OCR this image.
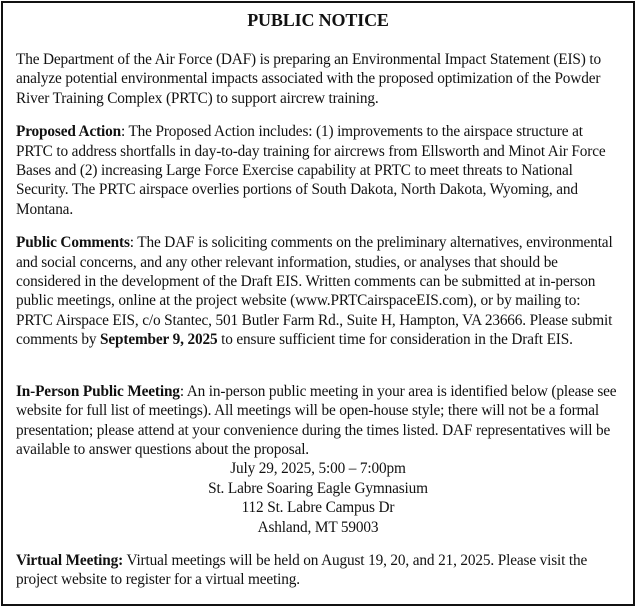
PUBLIC NOTICE

The Department of the Air Force (DAF) is preparing an Environmental Impact Statement (EIS) to analyze potential environmental impacts associated with the proposed optimization of the Powder River Training Complex (PRTC) to support aircrew training.

Proposed Action: The Proposed Action includes: (1) improvements to the airspace structure at PRTC to address shortfalls in day-to-day training for aircrews from Ellsworth and Minot Air Force Bases and (2) increasing Large Force Exercise capability at PRTC to meet threats to National Security. The PRTC airspace overlies portions of South Dakota, North Dakota, Wyoming, and Montana.

Public Comments: The DAF is soliciting comments on the preliminary alternatives, environmental and social concerns, and any other relevant information, studies, or analyses that should be considered in the development of the Draft EIS. Written comments can be submitted at in-person public meetings, online at the project website (www.PRTCairspaceEIS.com), or by mailing to: PRTC Airspace EIS, c/o Stantec, 501 Butler Farm Rd., Suite H, Hampton, VA 23666. Please submit comments by September 9, 2025 to ensure sufficient time for consideration in the Draft EIS.

In-Person Public Meeting: An in-person public meeting in your area is identified below (please see website for full list of meetings). All meetings will be open-house style; there will not be a formal presentation; please attend at your convenience during the times listed. DAF representatives will be available to answer questions about the proposal.

July 29, 2025, 5:00 – 7:00pm
St. Labre Soaring Eagle Gymnasium
112 St. Labre Campus Dr
Ashland, MT 59003

Virtual Meeting: Virtual meetings will be held on August 19, 20, and 21, 2025. Please visit the project website to register for a virtual meeting.
